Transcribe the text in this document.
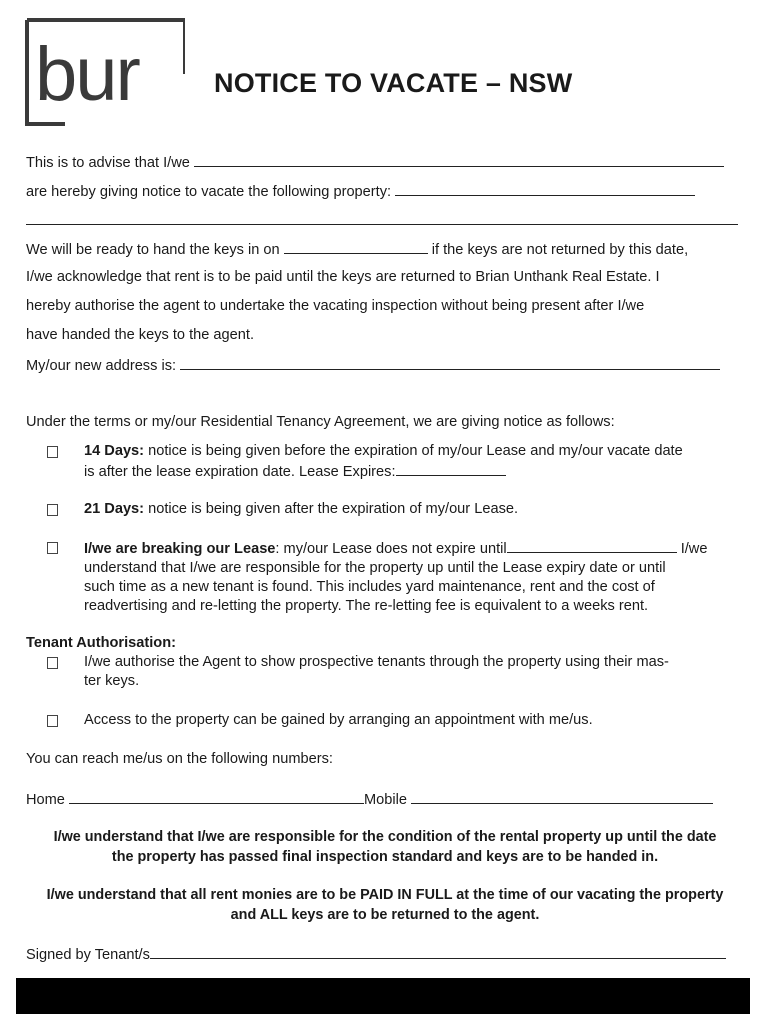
bur	NOTICE TO VACATE – NSW
This is to advise that I/we
are hereby giving notice to vacate the following property:
We will be ready to hand the keys in on	if the keys are not returned by this date,
I/we acknowledge that rent is to be paid until the keys are returned to Brian Unthank Real Estate. I
hereby authorise the agent to undertake the vacating inspection without being present after I/we
have handed the keys to the agent.
My/our new address is:
Under the terms or my/our Residential Tenancy Agreement, we are giving notice as follows:
14 Days: notice is being given before the expiration of my/our Lease and my/our vacate date
is after the lease expiration date. Lease Expires:
21 Days: notice is being given after the expiration of my/our Lease.
I/we are breaking our Lease: my/our Lease does not expire until	I/we
understand that I/we are responsible for the property up until the Lease expiry date or until
such time as a new tenant is found. This includes yard maintenance, rent and the cost of
readvertising and re-letting the property. The re-letting fee is equivalent to a weeks rent.
Tenant Authorisation:
I/we authorise the Agent to show prospective tenants through the property using their mas-
ter keys.
Access to the property can be gained by arranging an appointment with me/us.
You can reach me/us on the following numbers:
Home	Mobile
I/we understand that I/we are responsible for the condition of the rental property up until the date
the property has passed final inspection standard and keys are to be handed in.
I/we understand that all rent monies are to be PAID IN FULL at the time of our vacating the property
and ALL keys are to be returned to the agent.
Signed by Tenant/s
